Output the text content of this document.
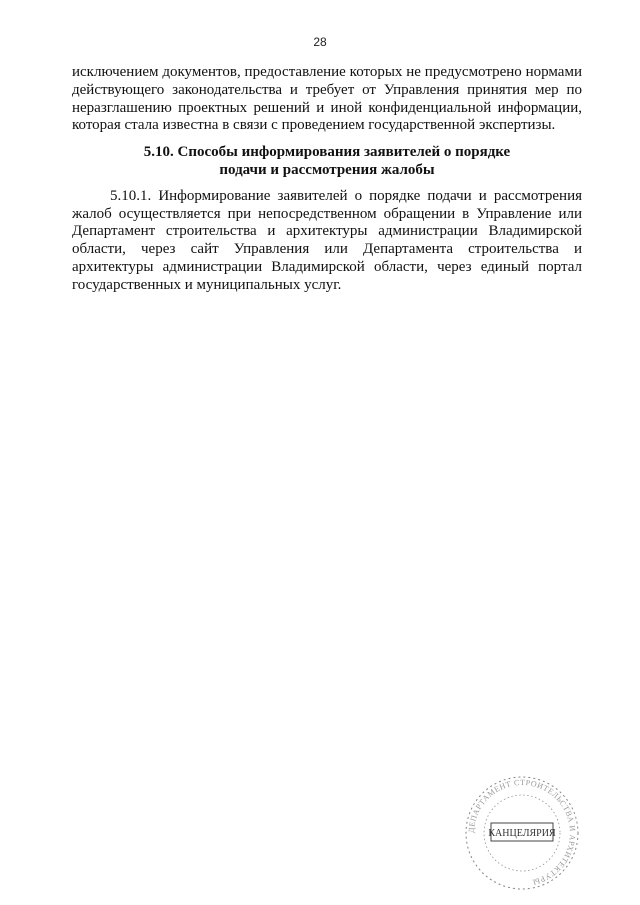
28

исключением документов, предоставление которых не предусмотрено нормами действующего законодательства и требует от Управления принятия мер по неразглашению проектных решений и иной конфиденциальной информации, которая стала известна в связи с проведением государственной экспертизы.

5.10. Способы информирования заявителей о порядке
подачи и рассмотрения жалобы

5.10.1. Информирование заявителей о порядке подачи и рассмотрения жалоб осуществляется при непосредственном обращении в Управление или Департамент строительства и архитектуры администрации Владимирской области, через сайт Управления или Департамента строительства и архитектуры администрации Владимирской области, через единый портал государственных и муниципальных услуг.

ДЕПАРТАМЕНТ СТРОИТЕЛЬСТВА И АРХИТЕКТУРЫ
КАНЦЕЛЯРИЯ
